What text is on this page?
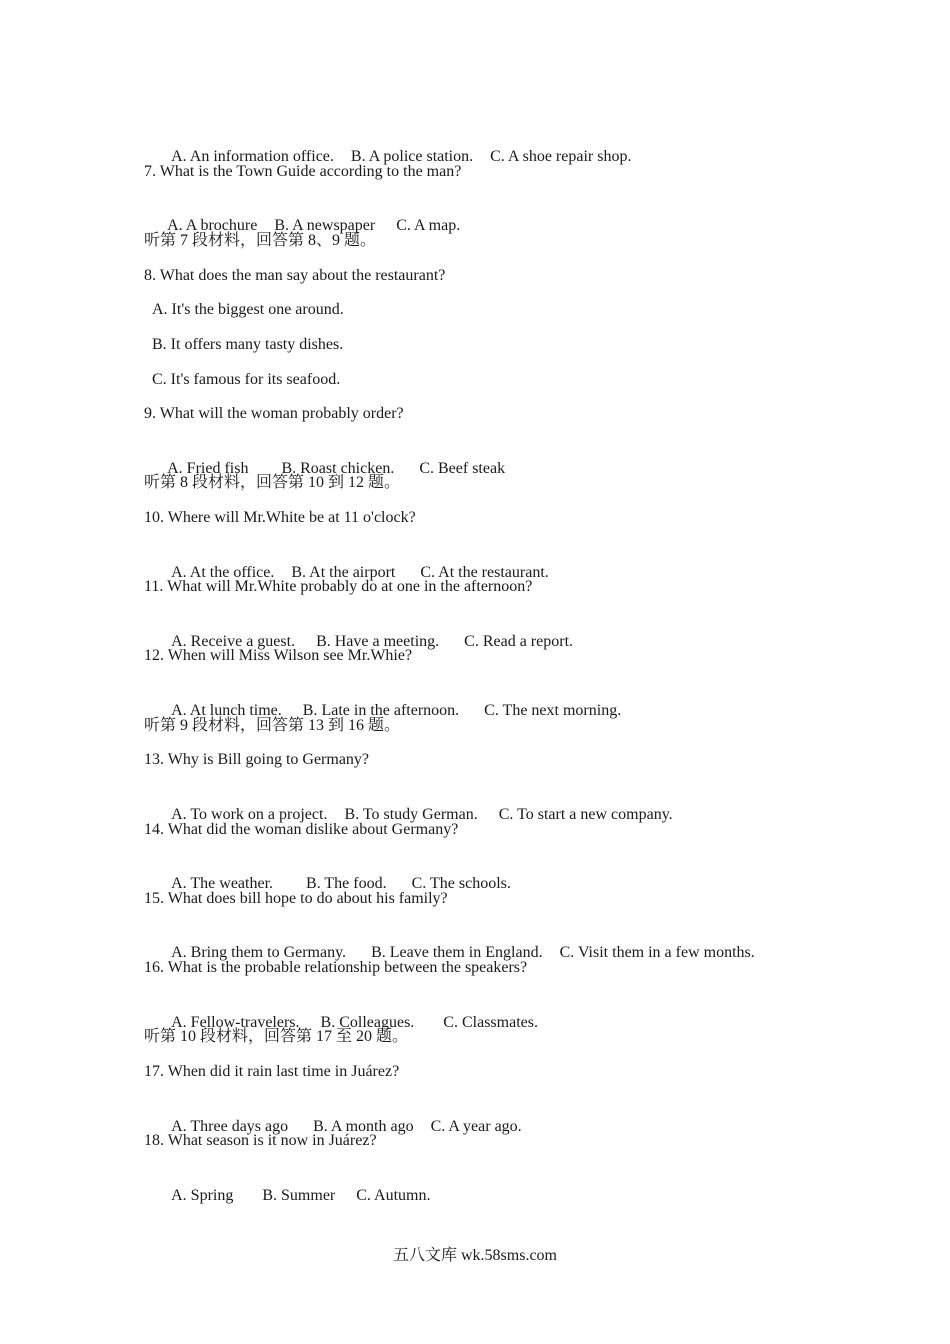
A. An information office. B. A police station. C. A shoe repair shop.

7. What is the Town Guide according to the man?

A. A brochure B. A newspaper C. A map.

听第 7 段材料，回答第 8、9 题。
8. What does the man say about the restaurant?
A. It's the biggest one around.
B. It offers many tasty dishes.
C. It's famous for its seafood.
9. What will the woman probably order?

A. Fried fish B. Roast chicken. C. Beef steak

听第 8 段材料，回答第 10 到 12 题。
10. Where will Mr.White be at 11 o'clock?

A. At the office. B. At the airport C. At the restaurant.

11. What will Mr.White probably do at one in the afternoon?

A. Receive a guest. B. Have a meeting. C. Read a report.

12. When will Miss Wilson see Mr.Whie?

A. At lunch time. B. Late in the afternoon. C. The next morning.

听第 9 段材料，回答第 13 到 16 题。
13. Why is Bill going to Germany?

A. To work on a project. B. To study German. C. To start a new company.

14. What did the woman dislike about Germany?

A. The weather. B. The food. C. The schools.

15. What does bill hope to do about his family?

A. Bring them to Germany. B. Leave them in England. C. Visit them in a few months.

16. What is the probable relationship between the speakers?

A. Fellow-travelers. B. Colleagues. C. Classmates.

听第 10 段材料，回答第 17 至 20 题。
17. When did it rain last time in Juárez?

A. Three days ago B. A month ago C. A year ago.

18. What season is it now in Juárez?

A. Spring B. Summer C. Autumn.

五八文库 wk.58sms.com
